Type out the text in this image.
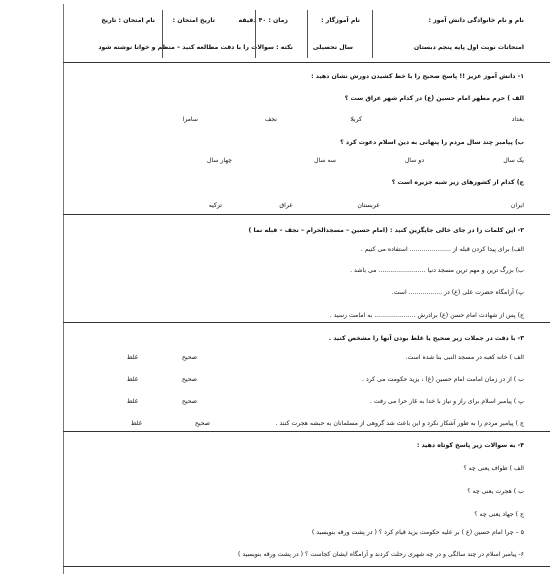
نام و نام خانوادگی دانش آموز :
نام آموزگار :
زمان : ۴۰ دقیقه
تاریخ امتحان :
نام امتحان : تاریخ
امتحانات نوبت اول پایه پنجم دبستان
سال تحصیلی
نکته : سوالات را با دقت مطالعه کنید – منظم و خوانا نوشته شود
۱- دانش آموز عزیز !! پاسخ صحیح را با خط کشیدن دورش نشان دهید :
الف ) حرم مطهر امام حسین (ع) در کدام شهر عراق ست ؟
بغداد
کربلا
نجف
سامرا
ب) پیامبر چند سال مردم را پنهانی به دین اسلام دعوت کرد ؟
یک سال
دو سال
سه سال
چهار سال
ج) کدام از کشورهای زیر شبه جزیره است ؟
ایران
عربستان
عراق
ترکیه
۲- این کلمات را در جای خالی جایگزین کنید : (امام حسین – مسجدالحرام – نجف – قبله نما )
الف) برای پیدا کردن قبله از ..................... استفاده می کنیم .
ب) بزرگ ترین و مهم ترین مسجد دنیا ........................ می باشد .
پ) آرامگاه حضرت علی (ع) در ................. است.
ج) پس از شهادت امام حسن (ع) برادرش ..................... به امامت رسید .
۳- با دقت در جملات زیر صحیح یا غلط بودن آنها را مشخص کنید .
الف ) خانه کعبه در مسجد النبی بنا شده است.
صحیح
غلط
ب ) از در زمان امامت امام حسین (ع) ، یزید حکومت می کرد .
صحیح
غلط
پ ) پیامبر اسلام برای راز و نیاز با خدا به غار حرا می رفت .
صحیح
غلط
ج ) پیامبر مردم را به طور آشکار نکرد و این باعث شد گروهی از مسلمانان به حبشه هجرت کنند .
صحیح
غلط
۴- به سوالات زیر پاسخ کوتاه دهید :
الف ) طواف یعنی چه ؟
ب ) هجرت یعنی چه ؟
ج ) جهاد یعنی چه ؟
۵ – چرا امام حسین (ع ) بر علیه حکومت یزید قیام کرد ؟ ( در پشت ورقه بنویسید )
۶- پیامبر اسلام در چند سالگی و در چه شهری رحلت کردند و آرامگاه ایشان کجاست ؟ ( در پشت ورقه بنویسید )
